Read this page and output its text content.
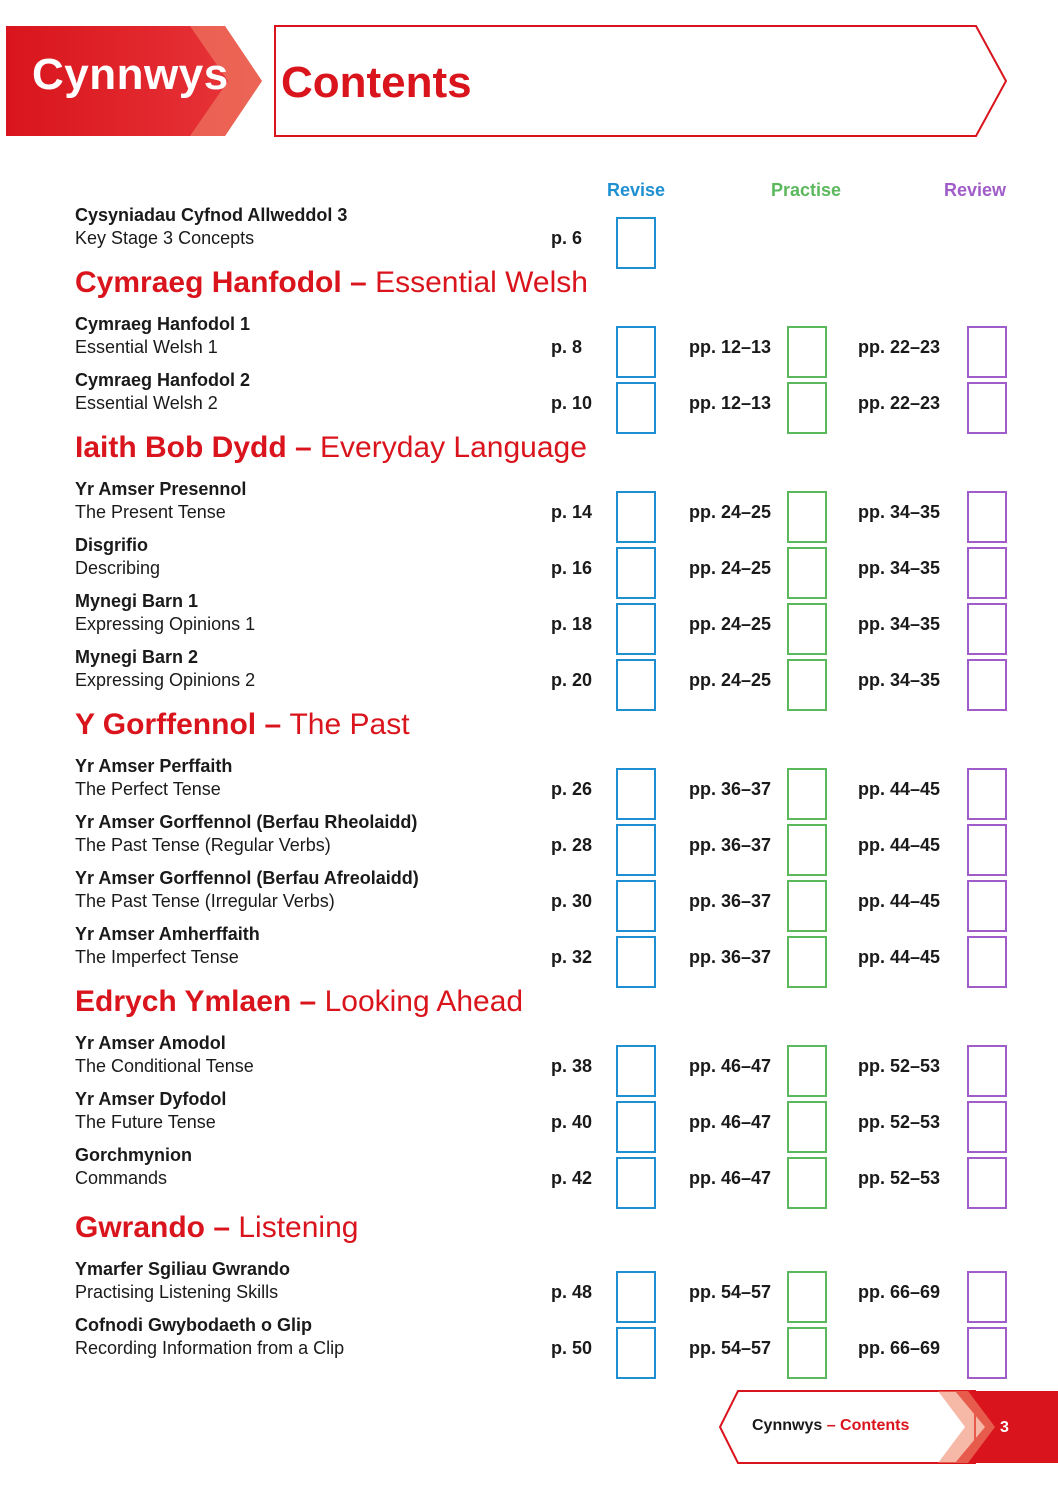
Cynnwys Contents
Revise	Practise	Review
Cysyniadau Cyfnod Allweddol 3
Key Stage 3 Concepts	p. 6
Cymraeg Hanfodol – Essential Welsh
Cymraeg Hanfodol 1
Essential Welsh 1	p. 8	pp. 12–13	pp. 22–23
Cymraeg Hanfodol 2
Essential Welsh 2	p. 10	pp. 12–13	pp. 22–23
Iaith Bob Dydd – Everyday Language
Yr Amser Presennol
The Present Tense	p. 14	pp. 24–25	pp. 34–35
Disgrifio
Describing	p. 16	pp. 24–25	pp. 34–35
Mynegi Barn 1
Expressing Opinions 1	p. 18	pp. 24–25	pp. 34–35
Mynegi Barn 2
Expressing Opinions 2	p. 20	pp. 24–25	pp. 34–35
Y Gorffennol – The Past
Yr Amser Perffaith
The Perfect Tense	p. 26	pp. 36–37	pp. 44–45
Yr Amser Gorffennol (Berfau Rheolaidd)
The Past Tense (Regular Verbs)	p. 28	pp. 36–37	pp. 44–45
Yr Amser Gorffennol (Berfau Afreolaidd)
The Past Tense (Irregular Verbs)	p. 30	pp. 36–37	pp. 44–45
Yr Amser Amherffaith
The Imperfect Tense	p. 32	pp. 36–37	pp. 44–45
Edrych Ymlaen – Looking Ahead
Yr Amser Amodol
The Conditional Tense	p. 38	pp. 46–47	pp. 52–53
Yr Amser Dyfodol
The Future Tense	p. 40	pp. 46–47	pp. 52–53
Gorchmynion
Commands	p. 42	pp. 46–47	pp. 52–53
Gwrando – Listening
Ymarfer Sgiliau Gwrando
Practising Listening Skills	p. 48	pp. 54–57	pp. 66–69
Cofnodi Gwybodaeth o Glip
Recording Information from a Clip	p. 50	pp. 54–57	pp. 66–69
Cynnwys – Contents	3
